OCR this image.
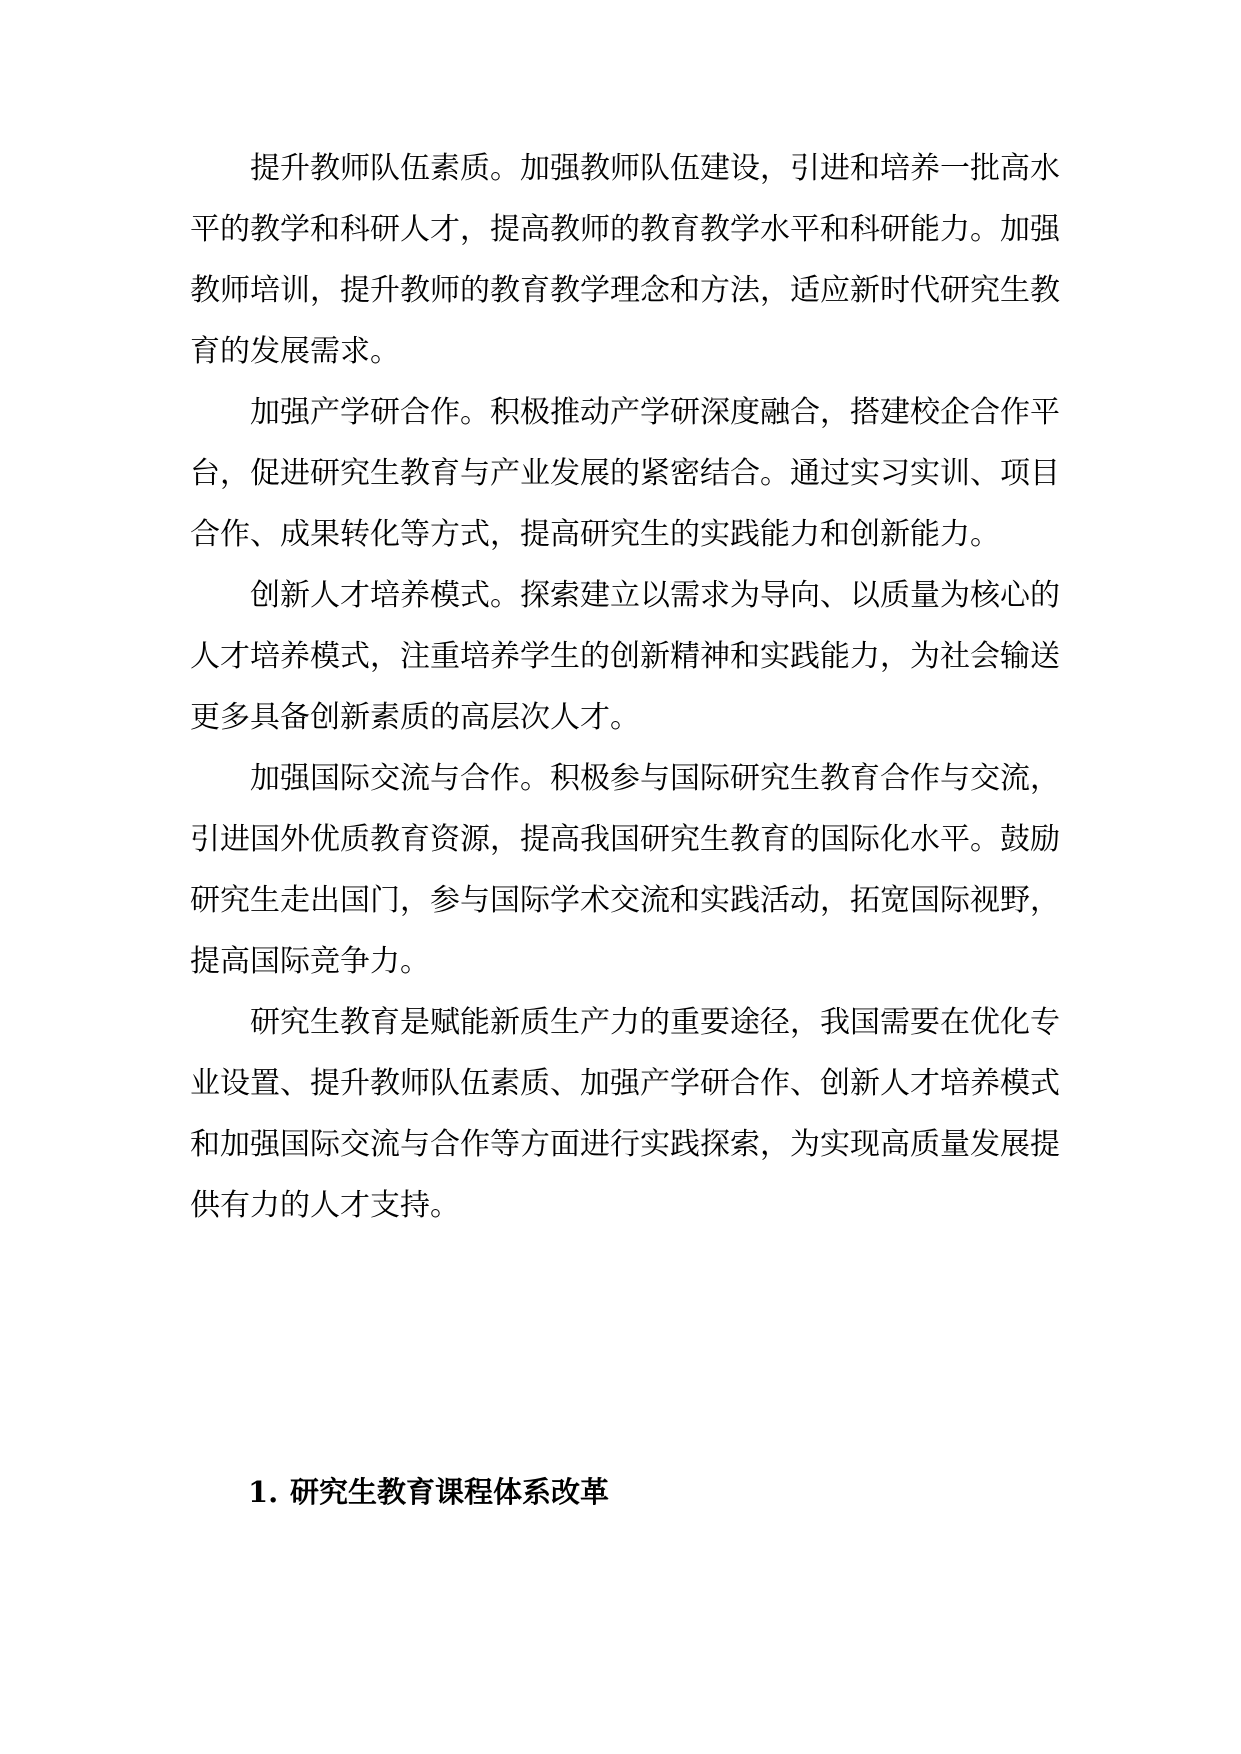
提升教师队伍素质。加强教师队伍建设，引进和培养一批高水平的教学和科研人才，提高教师的教育教学水平和科研能力。加强教师培训，提升教师的教育教学理念和方法，适应新时代研究生教育的发展需求。

加强产学研合作。积极推动产学研深度融合，搭建校企合作平台，促进研究生教育与产业发展的紧密结合。通过实习实训、项目合作、成果转化等方式，提高研究生的实践能力和创新能力。

创新人才培养模式。探索建立以需求为导向、以质量为核心的人才培养模式，注重培养学生的创新精神和实践能力，为社会输送更多具备创新素质的高层次人才。

加强国际交流与合作。积极参与国际研究生教育合作与交流，引进国外优质教育资源，提高我国研究生教育的国际化水平。鼓励研究生走出国门，参与国际学术交流和实践活动，拓宽国际视野，提高国际竞争力。

研究生教育是赋能新质生产力的重要途径，我国需要在优化专业设置、提升教师队伍素质、加强产学研合作、创新人才培养模式和加强国际交流与合作等方面进行实践探索，为实现高质量发展提供有力的人才支持。

1. 研究生教育课程体系改革
